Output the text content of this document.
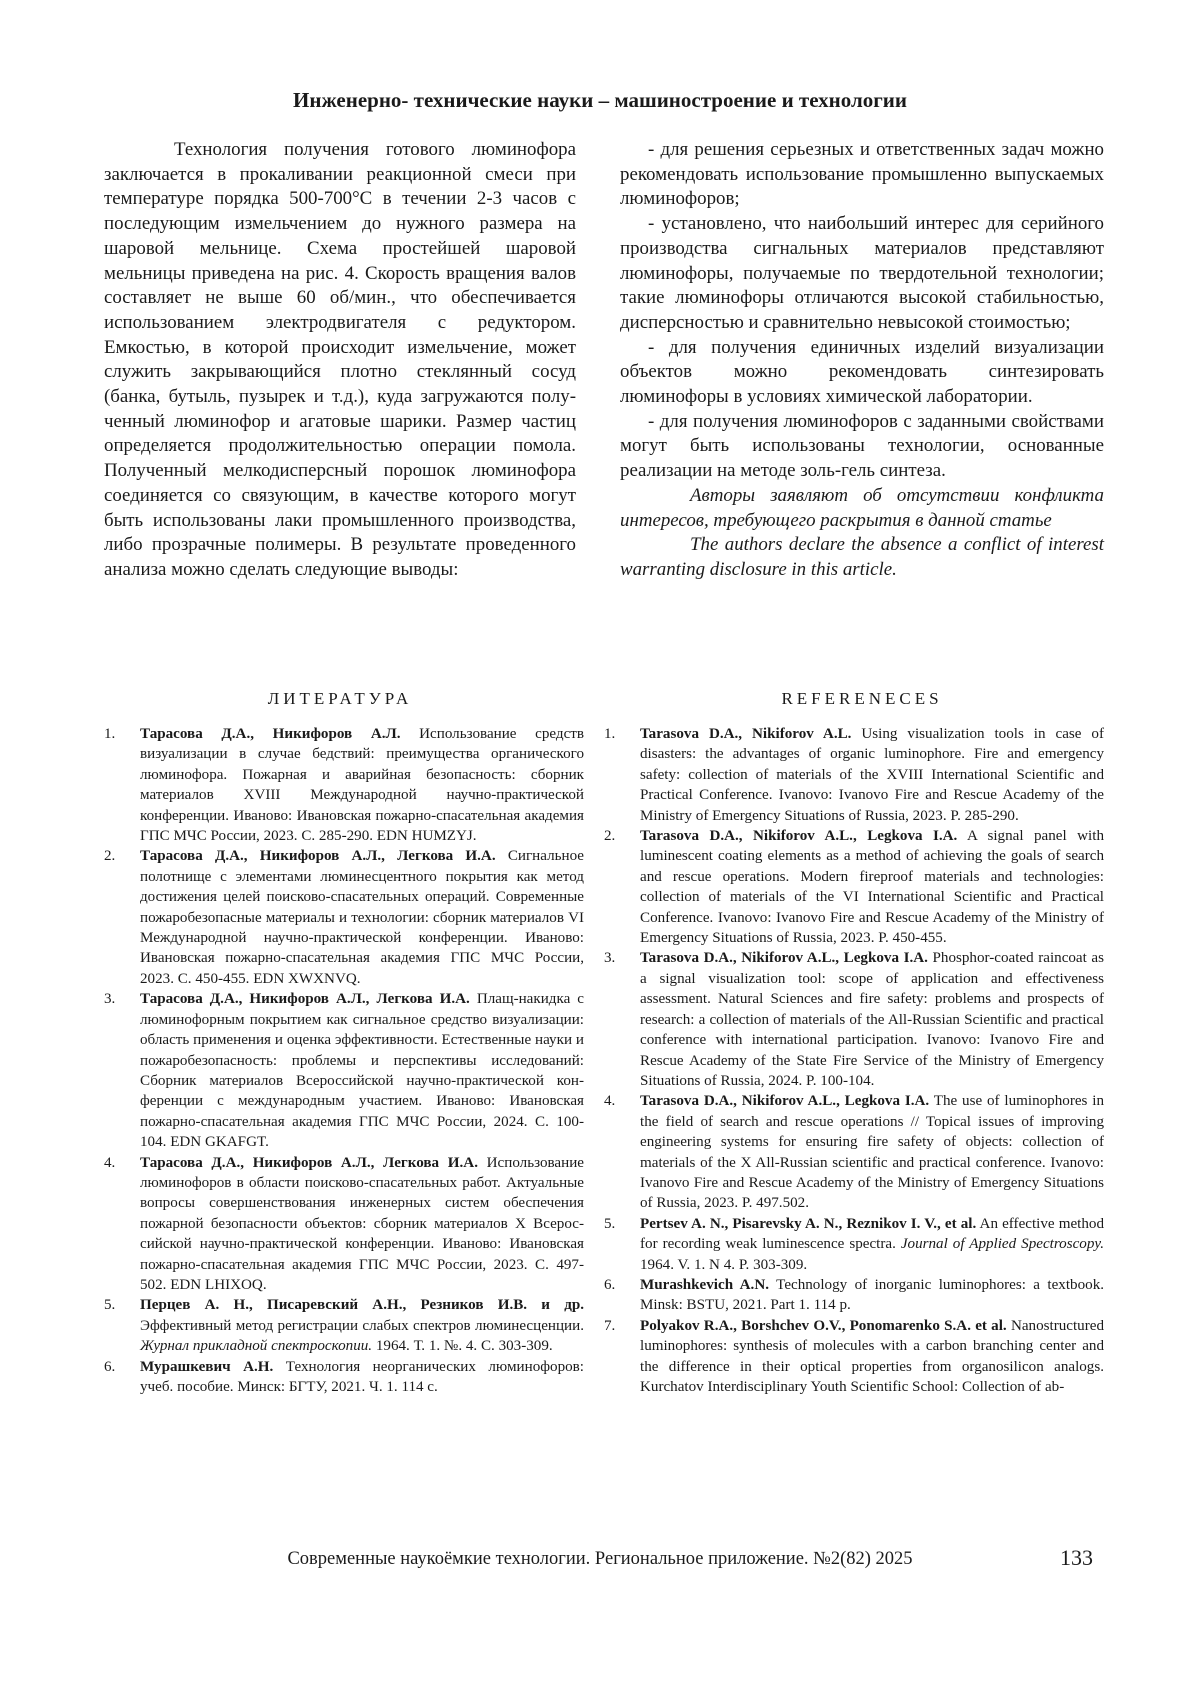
Инженерно- технические науки – машиностроение и технологии

Технология получения готового люминофора заключается в прокаливании реакционной смеси при температуре порядка 500-700°С в течении 2-3 часов с последующим измельчением до нужного размера на шаровой мельнице. Схема простейшей шаровой мельницы приведена на рис. 4. Скорость вращения валов составляет не выше 60 об/мин., что обеспечивается использованием электродвигателя с редуктором. Емкостью, в которой происходит измельчение, может служить закрывающийся плотно стеклянный сосуд (банка, бутыль, пузырек и т.д.), куда загружаются полученный люминофор и агатовые шарики. Размер частиц определяется продолжительностью операции помола. Полученный мелкодисперсный порошок люминофора соединяется со связующим, в качестве которого могут быть использованы лаки промышленного производства, либо прозрачные полимеры. В результате проведенного анализа можно сделать следующие выводы:

- для решения серьезных и ответственных задач можно рекомендовать использование промышленно выпускаемых люминофоров;

- установлено, что наибольший интерес для серийного производства сигнальных материалов представляют люминофоры, получаемые по твердотельной технологии; такие люминофоры отличаются высокой стабильностью, дисперсностью и сравнительно невысокой стоимостью;

- для получения единичных изделий визуализации объектов можно рекомендовать синтезировать люминофоры в условиях химической лаборатории.

- для получения люминофоров с заданными свойствами могут быть использованы технологии, основанные реализации на методе золь-гель синтеза.

Авторы заявляют об отсутствии конфликта интересов, требующего раскрытия в данной статье

The authors declare the absence a conflict of interest warranting disclosure in this article.

ЛИТЕРАТУРА	REFERENECES
1. Тарасова Д.А., Никифоров А.Л. Использование средств визуализации в случае бедствий: преимущества органического люминофора. Пожарная и аварийная безопасность: сборник материалов XVIII Международной научно-практической конференции. Иваново: Ивановская пожарно-спасательная академия ГПС МЧС России, 2023. С. 285-290. EDN HUMZYJ.
2. Тарасова Д.А., Никифоров А.Л., Легкова И.А. Сигнальное полотнище с элементами люминесцентного покрытия как метод достижения целей поисково-спасательных операций. Современные пожаробезопасные материалы и технологии: сборник материалов VI Международной научно-практической конференции. Иваново: Ивановская пожарно-спасательная академия ГПС МЧС России, 2023. С. 450-455. EDN XWXNVQ.
3. Тарасова Д.А., Никифоров А.Л., Легкова И.А. Плащ-накидка с люминофорным покрытием как сигнальное средство визуализации: область применения и оценка эффективности. Естественные науки и пожаробезопасность: проблемы и перспективы исследований: Сборник материалов Всероссийской научно-практической конференции с международным участием. Иваново: Ивановская пожарно-спасательная академия ГПС МЧС России, 2024. С. 100-104. EDN GKAFGT.
4. Тарасова Д.А., Никифоров А.Л., Легкова И.А. Использование люминофоров в области поисково-спасательных работ. Актуальные вопросы совершенствования инженерных систем обеспечения пожарной безопасности объектов: сборник материалов X Всероссийской научно-практической конференции. Иваново: Ивановская пожарно-спасательная академия ГПС МЧС России, 2023. С. 497-502. EDN LHIXOQ.
5. Перцев А. Н., Писаревский А.Н., Резников И.В. и др. Эффективный метод регистрации слабых спектров люминесценции. Журнал прикладной спектроскопии. 1964. Т. 1. №. 4. С. 303-309.
6. Мурашкевич А.Н. Технология неорганических люминофоров: учеб. пособие. Минск: БГТУ, 2021. Ч. 1. 114 с.
1. Tarasova D.A., Nikiforov A.L. Using visualization tools in case of disasters: the advantages of organic luminophore. Fire and emergency safety: collection of materials of the XVIII International Scientific and Practical Conference. Ivanovo: Ivanovo Fire and Rescue Academy of the Ministry of Emergency Situations of Russia, 2023. P. 285-290.
2. Tarasova D.A., Nikiforov A.L., Legkova I.A. A signal panel with luminescent coating elements as a method of achieving the goals of search and rescue operations. Modern fireproof materials and technologies: collection of materials of the VI International Scientific and Practical Conference. Ivanovo: Ivanovo Fire and Rescue Academy of the Ministry of Emergency Situations of Russia, 2023. P. 450-455.
3. Tarasova D.A., Nikiforov A.L., Legkova I.A. Phosphor-coated raincoat as a signal visualization tool: scope of application and effectiveness assessment. Natural Sciences and fire safety: problems and prospects of research: a collection of materials of the All-Russian Scientific and practical conference with international participation. Ivanovo: Ivanovo Fire and Rescue Academy of the State Fire Service of the Ministry of Emergency Situations of Russia, 2024. P. 100-104.
4. Tarasova D.A., Nikiforov A.L., Legkova I.A. The use of luminophores in the field of search and rescue operations // Topical issues of improving engineering systems for ensuring fire safety of objects: collection of materials of the X All-Russian scientific and practical conference. Ivanovo: Ivanovo Fire and Rescue Academy of the Ministry of Emergency Situations of Russia, 2023. P. 497.502.
5. Pertsev A. N., Pisarevsky A. N., Reznikov I. V., et al. An effective method for recording weak luminescence spectra. Journal of Applied Spectroscopy. 1964. V. 1. N 4. P. 303-309.
6. Murashkevich A.N. Technology of inorganic luminophores: a textbook. Minsk: BSTU, 2021. Part 1. 114 p.
7. Polyakov R.A., Borshchev O.V., Ponomarenko S.A. et al. Nanostructured luminophores: synthesis of molecules with a carbon branching center and the difference in their optical properties from organosilicon analogs. Kurchatov Interdisciplinary Youth Scientific School: Collection of ab-
Современные наукоёмкие технологии. Региональное приложение. №2(82) 2025	133
